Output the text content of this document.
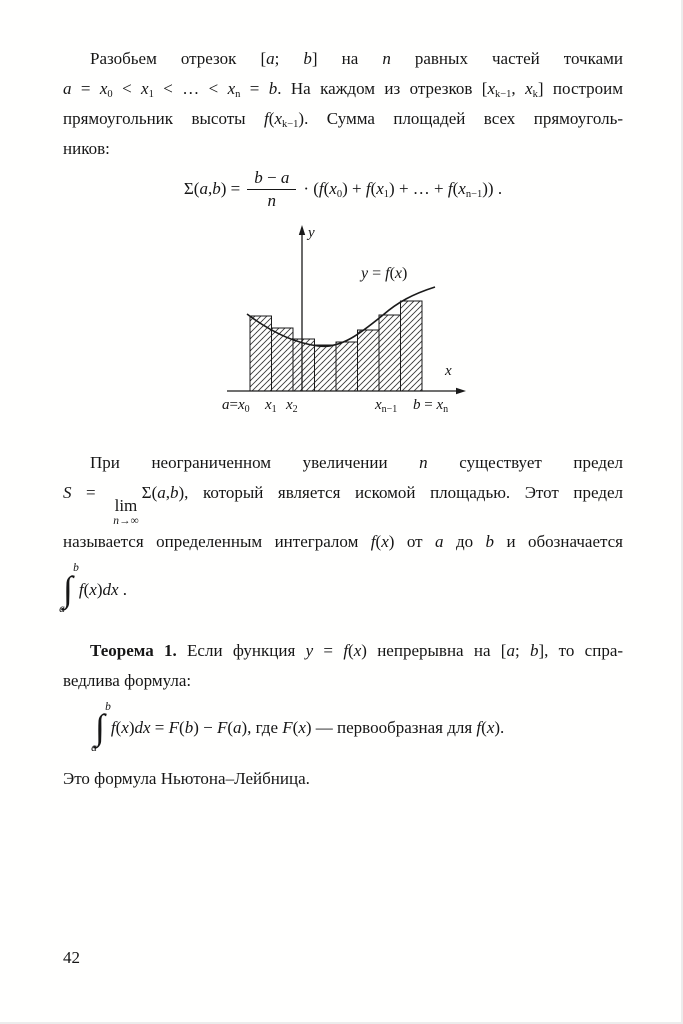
Разобьем отрезок [a; b] на n равных частей точками
$a = x_0 < x_1$ < … < $x_n = b$. На каждом из отрезков [$x_{k-1}$, $x_k$] построим
прямоугольник высоты $f(x_{k-1})$. Сумма площадей всех прямоуголь-
ников:

$\Sigma(a,b) = \frac{b - a}{n} \cdot (f(x_0) + f(x_1)$ + … + $f(x_{n-1})$) .
y
x
y = f(x)
$a=x_0$ $x_1$ $x_2$	$x_{n-1}$ $b = x_n$

При неограниченном увеличении n существует предел
S =
lim
n→∞
Σ(a,b), который является искомой площадью. Этот предел
называется определенным интегралом f(x) от a до b и обозначается

b
∫
a
f(x)dx .

Теорема 1. Если функция y = f(x) непрерывна на [a; b], то спра-
ведлива формула:

b
∫
a
f(x)dx = F(b) − F(a), где F(x) — первообразная для f(x).

Это формула Ньютона–Лейбница.

42
